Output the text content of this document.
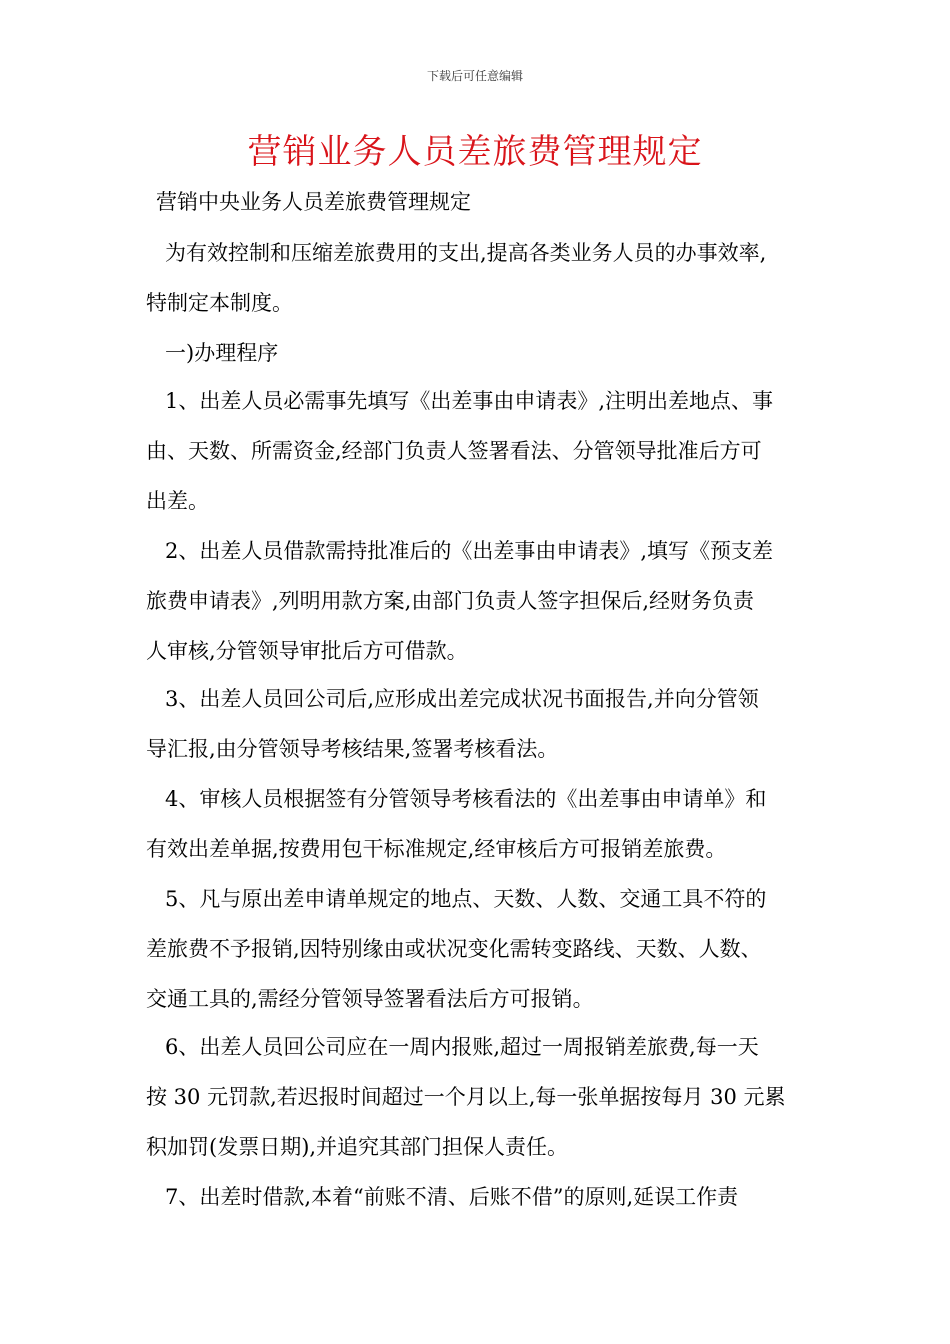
下载后可任意编辑
营销业务人员差旅费管理规定
营销中央业务人员差旅费管理规定
为有效控制和压缩差旅费用的支出,提高各类业务人员的办事效率,
特制定本制度。
一)办理程序
1、出差人员必需事先填写《出差事由申请表》,注明出差地点、事
由、天数、所需资金,经部门负责人签署看法、分管领导批准后方可
出差。
2、出差人员借款需持批准后的《出差事由申请表》,填写《预支差
旅费申请表》,列明用款方案,由部门负责人签字担保后,经财务负责
人审核,分管领导审批后方可借款。
3、出差人员回公司后,应形成出差完成状况书面报告,并向分管领
导汇报,由分管领导考核结果,签署考核看法。
4、审核人员根据签有分管领导考核看法的《出差事由申请单》和
有效出差单据,按费用包干标准规定,经审核后方可报销差旅费。
5、凡与原出差申请单规定的地点、天数、人数、交通工具不符的
差旅费不予报销,因特别缘由或状况变化需转变路线、天数、人数、
交通工具的,需经分管领导签署看法后方可报销。
6、出差人员回公司应在一周内报账,超过一周报销差旅费,每一天
按 30 元罚款,若迟报时间超过一个月以上,每一张单据按每月 30 元累
积加罚(发票日期),并追究其部门担保人责任。
7、出差时借款,本着“前账不清、后账不借”的原则,延误工作责
